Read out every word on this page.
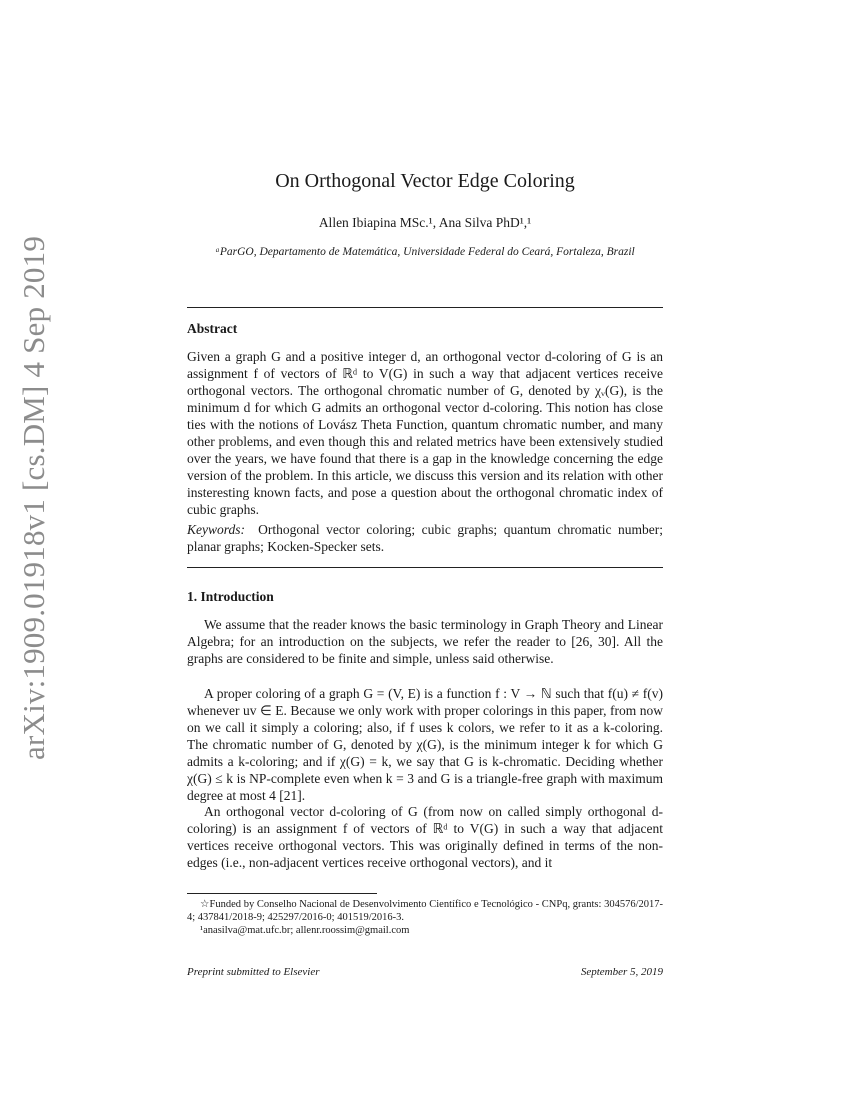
arXiv:1909.01918v1 [cs.DM] 4 Sep 2019
On Orthogonal Vector Edge Coloring
Allen Ibiapina MSc.¹, Ana Silva PhD¹,¹
ᵃParGO, Departamento de Matemática, Universidade Federal do Ceará, Fortaleza, Brazil
Abstract

Given a graph G and a positive integer d, an orthogonal vector d-coloring of G is an assignment f of vectors of ℝᵈ to V(G) in such a way that adjacent vertices receive orthogonal vectors. The orthogonal chromatic number of G, denoted by χᵥ(G), is the minimum d for which G admits an orthogonal vector d-coloring. This notion has close ties with the notions of Lovász Theta Function, quantum chromatic number, and many other problems, and even though this and related metrics have been extensively studied over the years, we have found that there is a gap in the knowledge concerning the edge version of the problem. In this article, we discuss this version and its relation with other insteresting known facts, and pose a question about the orthogonal chromatic index of cubic graphs.

Keywords: Orthogonal vector coloring; cubic graphs; quantum chromatic number; planar graphs; Kocken-Specker sets.

1. Introduction

We assume that the reader knows the basic terminology in Graph Theory and Linear Algebra; for an introduction on the subjects, we refer the reader to [26, 30]. All the graphs are considered to be finite and simple, unless said otherwise.

A proper coloring of a graph G = (V, E) is a function f : V → ℕ such that f(u) ≠ f(v) whenever uv ∈ E. Because we only work with proper colorings in this paper, from now on we call it simply a coloring; also, if f uses k colors, we refer to it as a k-coloring. The chromatic number of G, denoted by χ(G), is the minimum integer k for which G admits a k-coloring; and if χ(G) = k, we say that G is k-chromatic. Deciding whether χ(G) ≤ k is NP-complete even when k = 3 and G is a triangle-free graph with maximum degree at most 4 [21].

An orthogonal vector d-coloring of G (from now on called simply orthogonal d-coloring) is an assignment f of vectors of ℝᵈ to V(G) in such a way that adjacent vertices receive orthogonal vectors. This was originally defined in terms of the non-edges (i.e., non-adjacent vertices receive orthogonal vectors), and it

☆Funded by Conselho Nacional de Desenvolvimento Científico e Tecnológico - CNPq, grants: 304576/2017-4; 437841/2018-9; 425297/2016-0; 401519/2016-3.

¹anasilva@mat.ufc.br; allenr.roossim@gmail.com

Preprint submitted to Elsevier	September 5, 2019
